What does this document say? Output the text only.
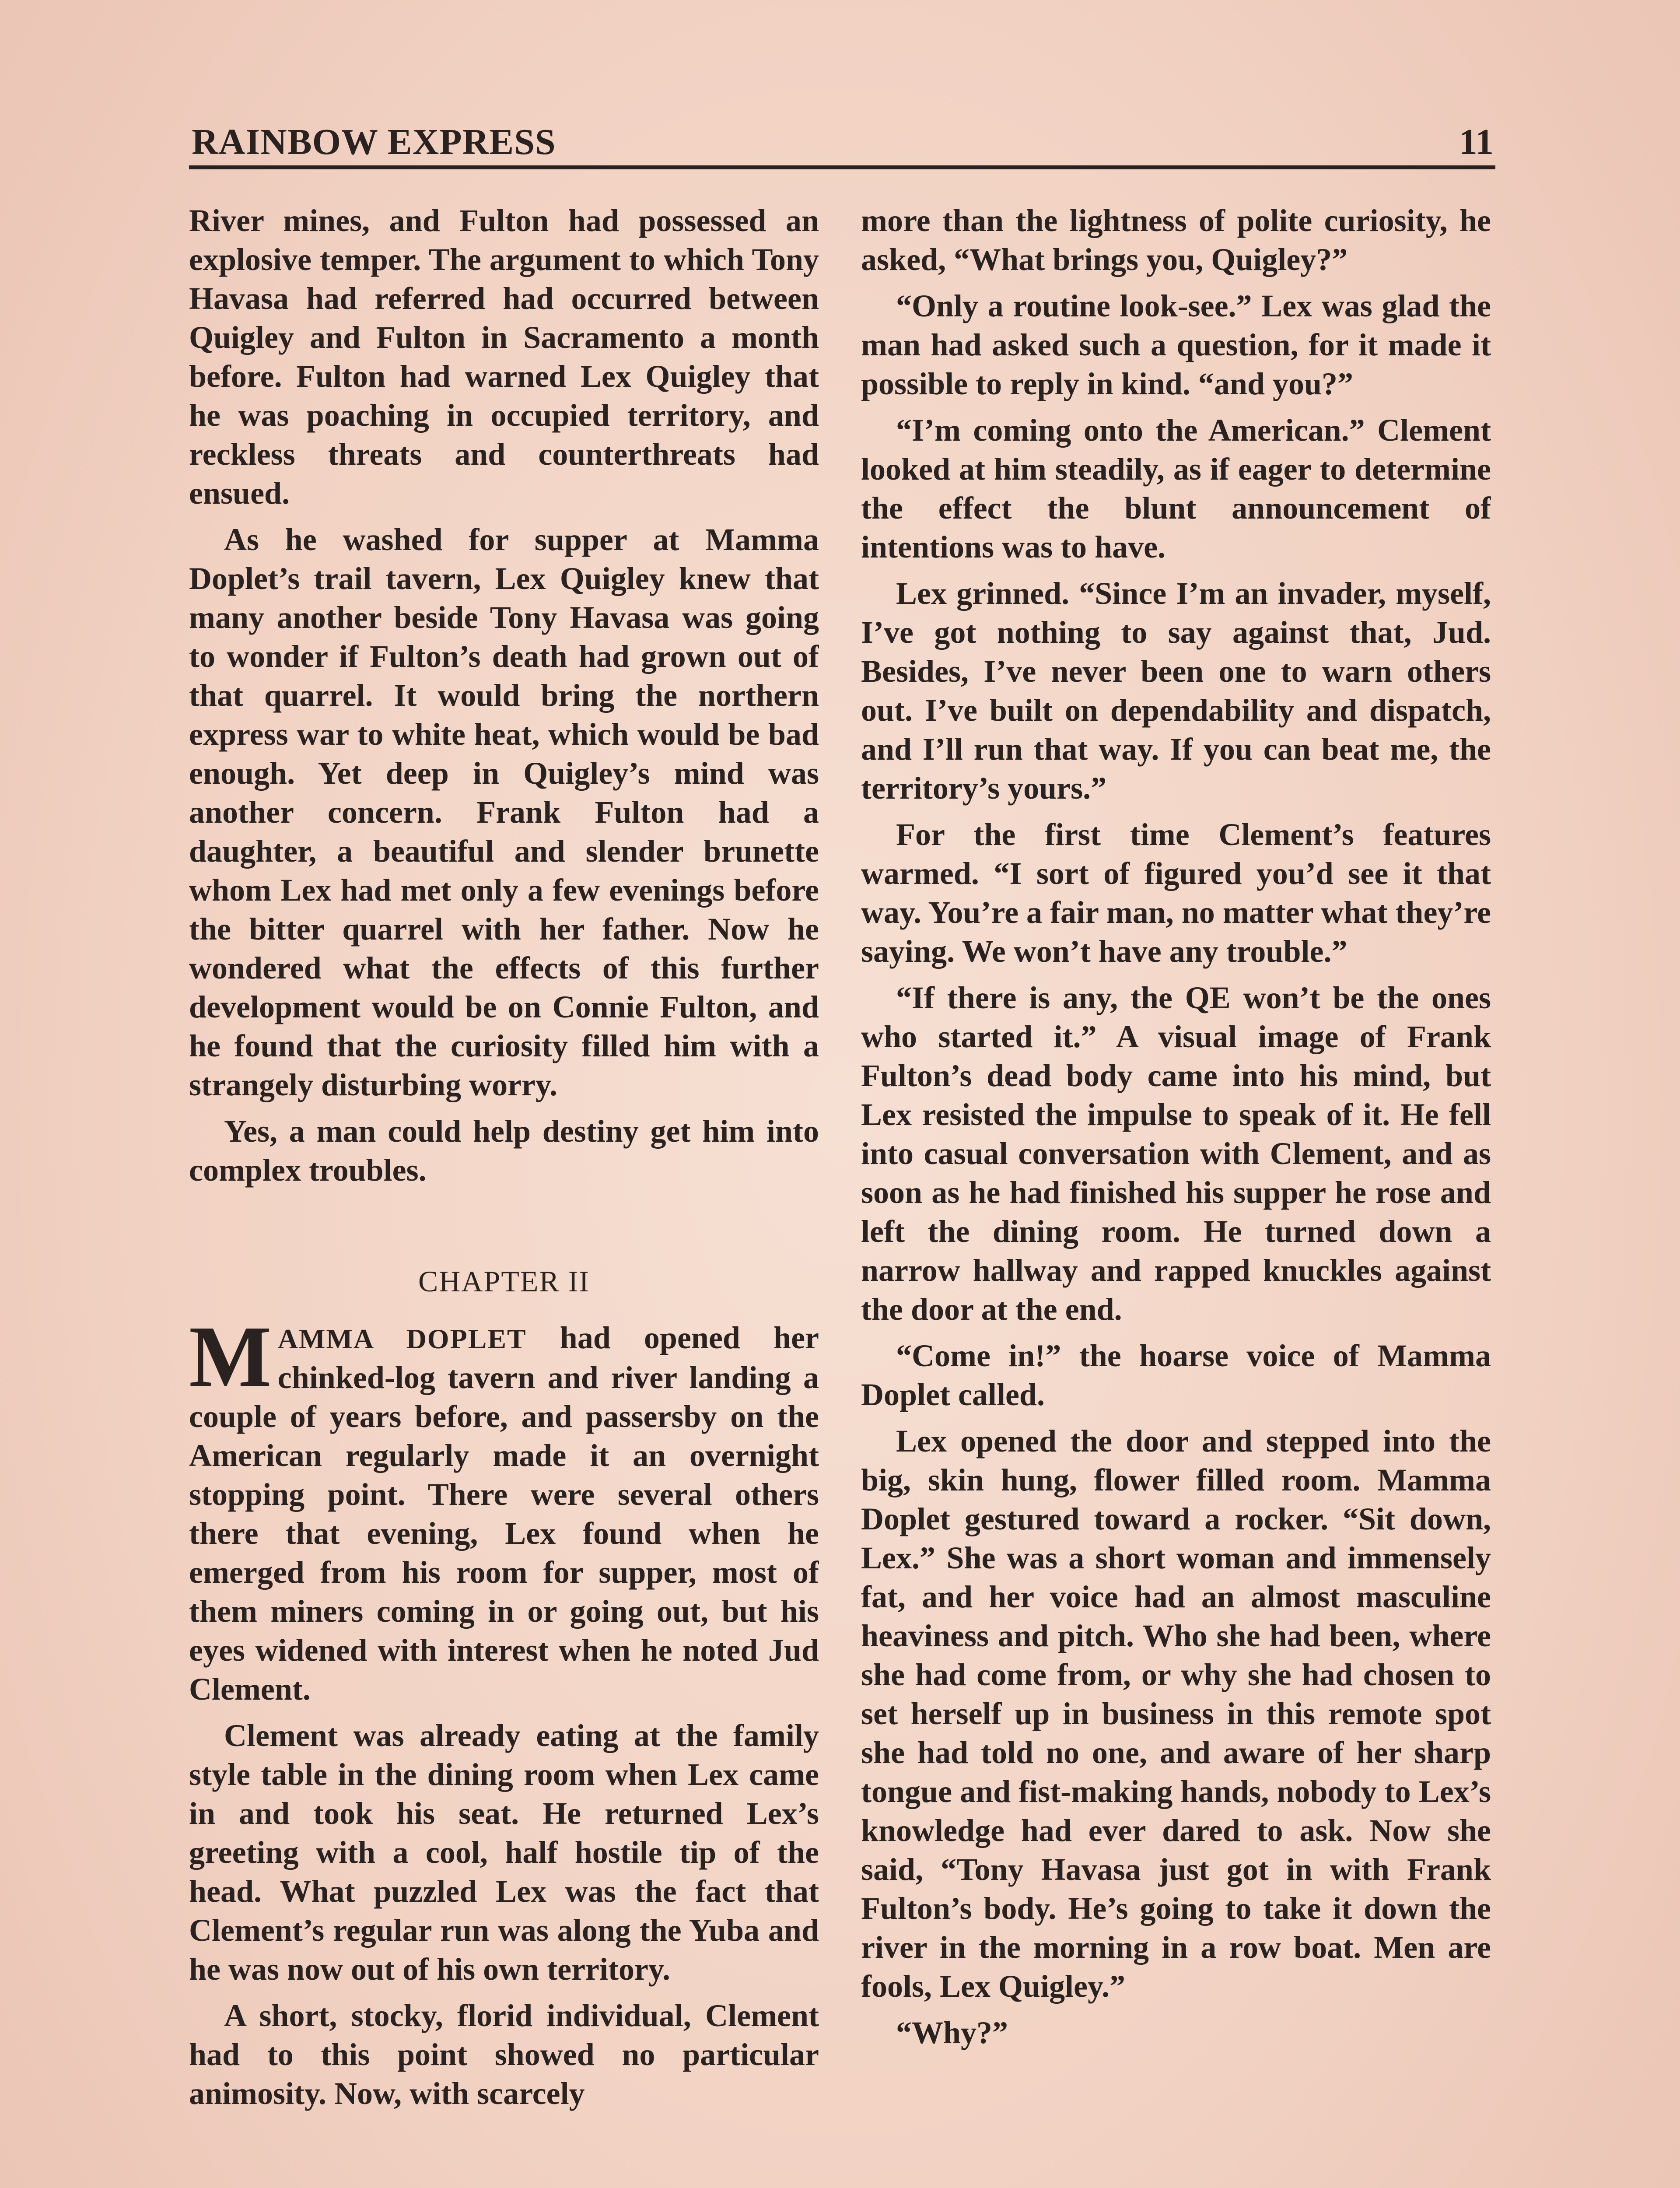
RAINBOW EXPRESS	11

River mines, and Fulton had possessed an explosive temper. The argument to which Tony Havasa had referred had occurred between Quigley and Fulton in Sacramento a month before. Fulton had warned Lex Quigley that he was poaching in occupied territory, and reckless threats and counterthreats had ensued.

As he washed for supper at Mamma Doplet’s trail tavern, Lex Quigley knew that many another beside Tony Havasa was going to wonder if Fulton’s death had grown out of that quarrel. It would bring the northern express war to white heat, which would be bad enough. Yet deep in Quigley’s mind was another concern. Frank Fulton had a daughter, a beautiful and slender brunette whom Lex had met only a few evenings before the bitter quarrel with her father. Now he wondered what the effects of this further development would be on Connie Fulton, and he found that the curiosity filled him with a strangely disturbing worry.

Yes, a man could help destiny get him into complex troubles.

CHAPTER II

MAMMA DOPLET had opened her chinked-log tavern and river landing a couple of years before, and passersby on the American regularly made it an overnight stopping point. There were several others there that evening, Lex found when he emerged from his room for supper, most of them miners coming in or going out, but his eyes widened with interest when he noted Jud Clement.

Clement was already eating at the family style table in the dining room when Lex came in and took his seat. He returned Lex’s greeting with a cool, half hostile tip of the head. What puzzled Lex was the fact that Clement’s regular run was along the Yuba and he was now out of his own territory.

A short, stocky, florid individual, Clement had to this point showed no particular animosity. Now, with scarcely

more than the lightness of polite curiosity, he asked, “What brings you, Quigley?”

“Only a routine look-see.” Lex was glad the man had asked such a question, for it made it possible to reply in kind. “and you?”

“I’m coming onto the American.” Clement looked at him steadily, as if eager to determine the effect the blunt announcement of intentions was to have.

Lex grinned. “Since I’m an invader, myself, I’ve got nothing to say against that, Jud. Besides, I’ve never been one to warn others out. I’ve built on dependability and dispatch, and I’ll run that way. If you can beat me, the territory’s yours.”

For the first time Clement’s features warmed. “I sort of figured you’d see it that way. You’re a fair man, no matter what they’re saying. We won’t have any trouble.”

“If there is any, the QE won’t be the ones who started it.” A visual image of Frank Fulton’s dead body came into his mind, but Lex resisted the impulse to speak of it. He fell into casual conversation with Clement, and as soon as he had finished his supper he rose and left the dining room. He turned down a narrow hallway and rapped knuckles against the door at the end.

“Come in!” the hoarse voice of Mamma Doplet called.

Lex opened the door and stepped into the big, skin hung, flower filled room. Mamma Doplet gestured toward a rocker. “Sit down, Lex.” She was a short woman and immensely fat, and her voice had an almost masculine heaviness and pitch. Who she had been, where she had come from, or why she had chosen to set herself up in business in this remote spot she had told no one, and aware of her sharp tongue and fist-making hands, nobody to Lex’s knowledge had ever dared to ask. Now she said, “Tony Havasa just got in with Frank Fulton’s body. He’s going to take it down the river in the morning in a row boat. Men are fools, Lex Quigley.”

“Why?”
